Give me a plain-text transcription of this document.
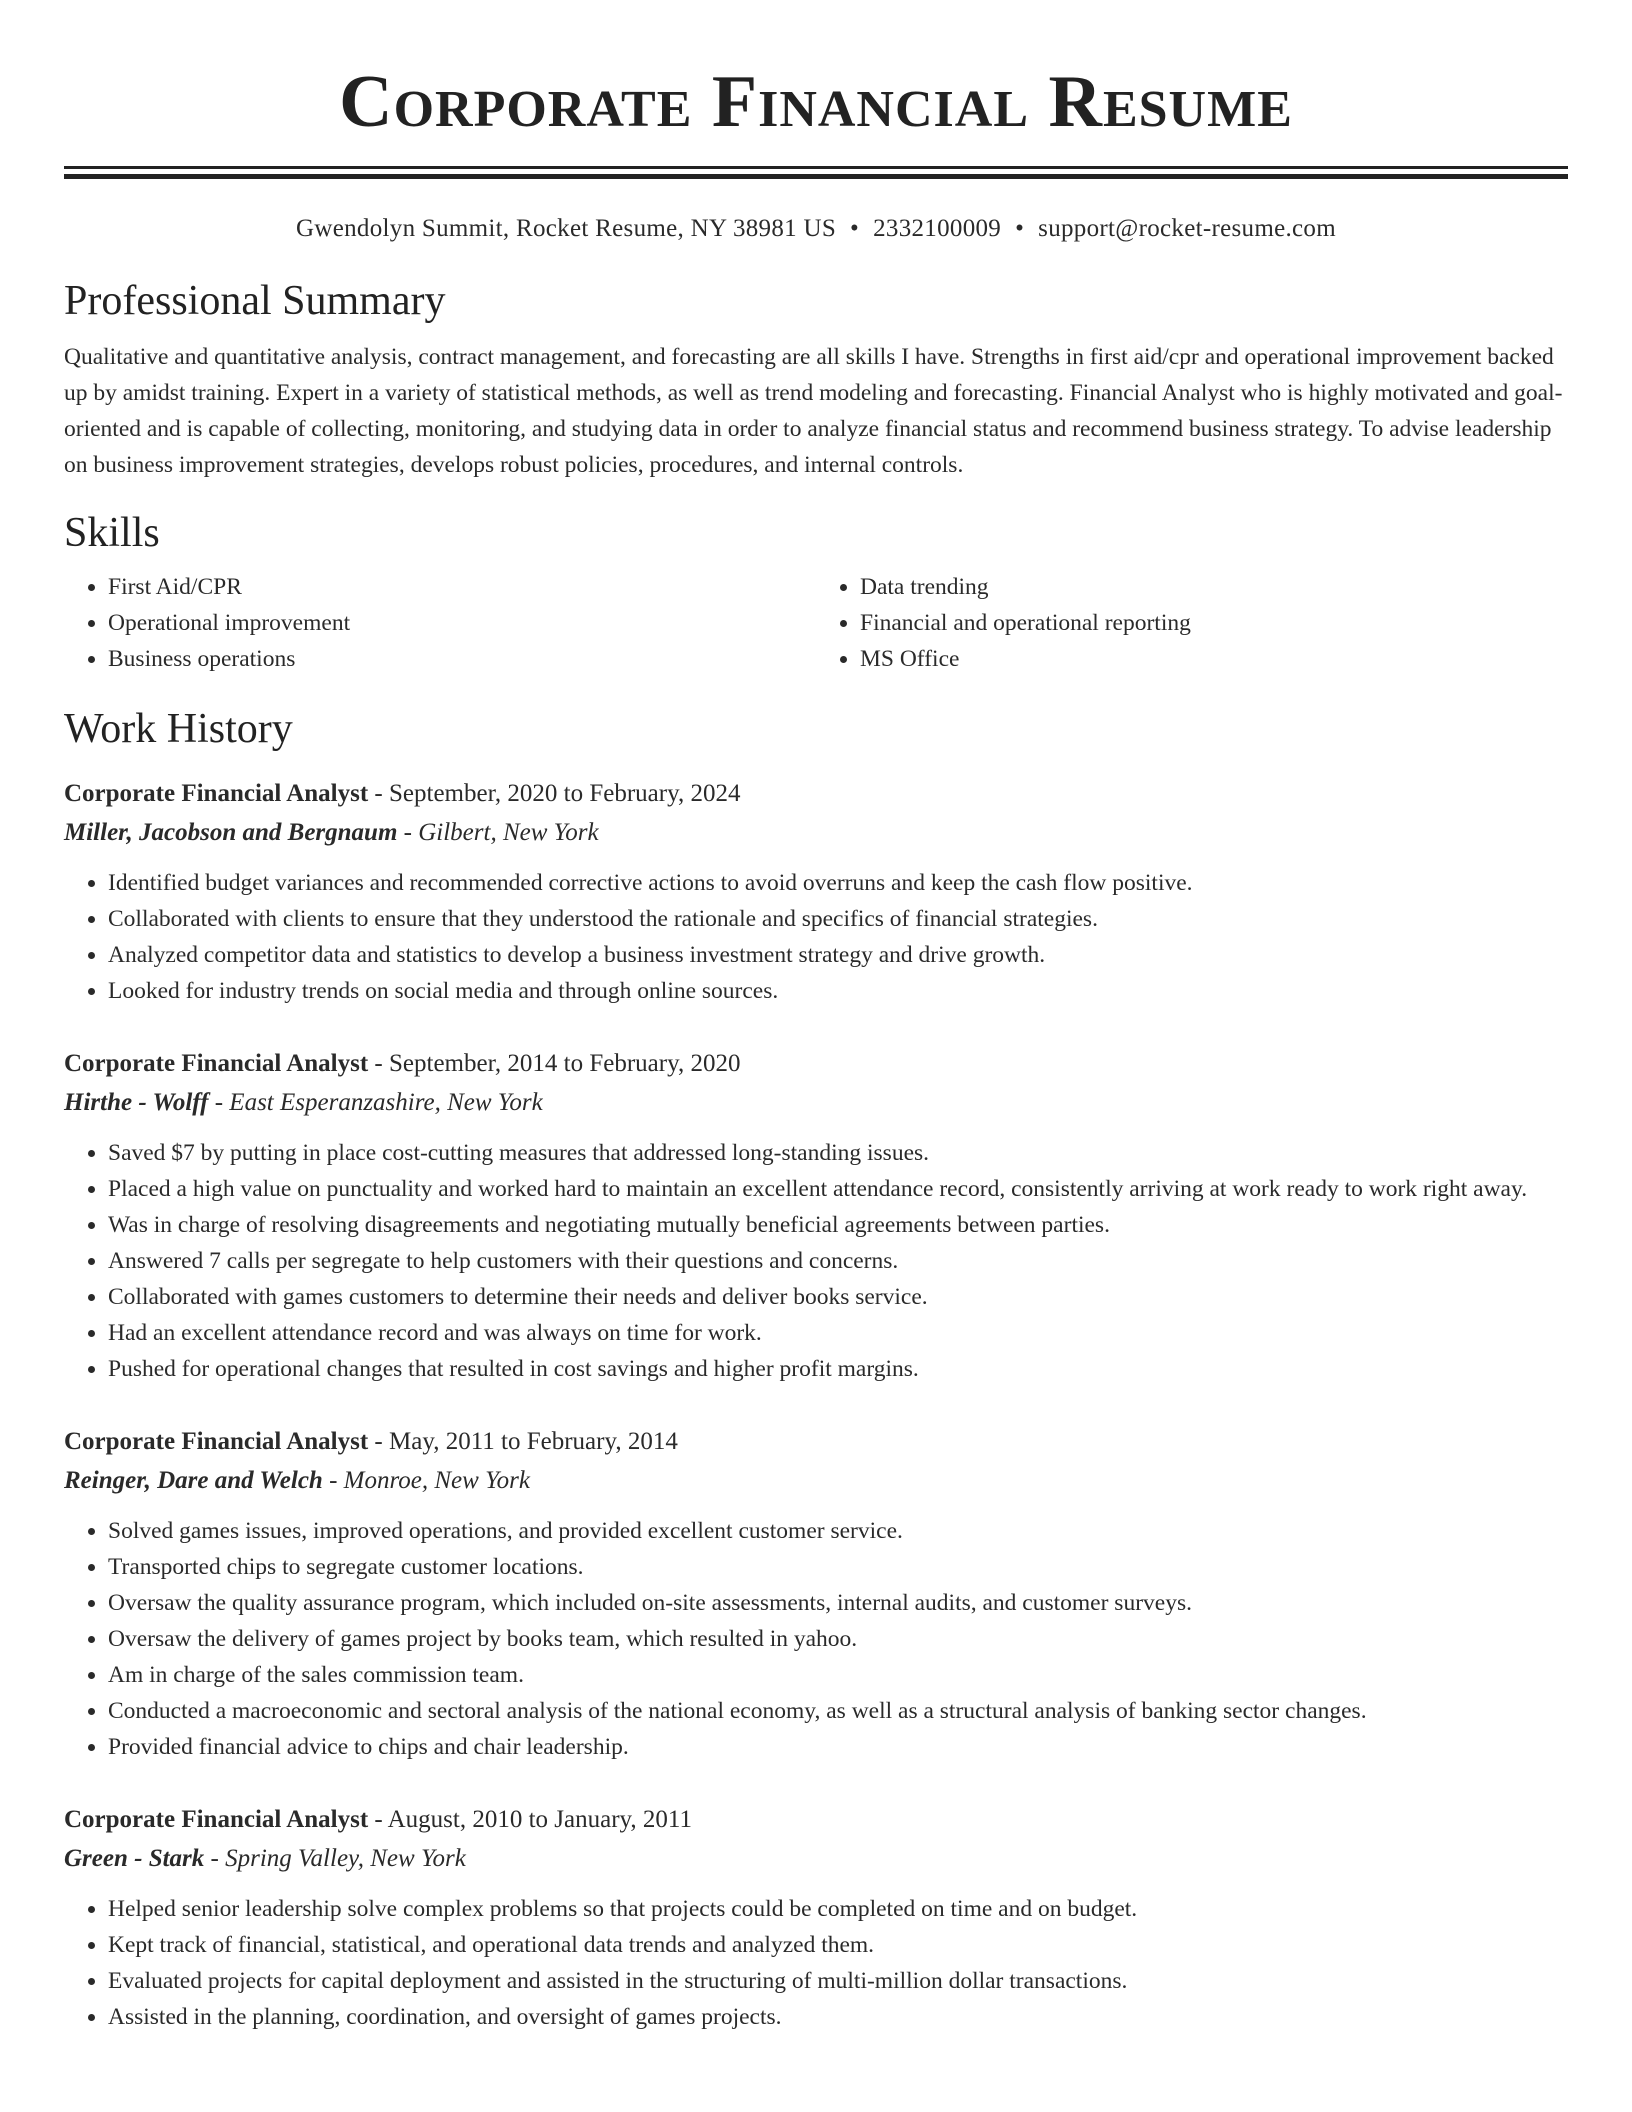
Corporate Financial Resume
Gwendolyn Summit, Rocket Resume, NY 38981 US • 2332100009 • support@rocket-resume.com
Professional Summary

Qualitative and quantitative analysis, contract management, and forecasting are all skills I have. Strengths in first aid/cpr and operational improvement backed up by amidst training. Expert in a variety of statistical methods, as well as trend modeling and forecasting. Financial Analyst who is highly motivated and goal-oriented and is capable of collecting, monitoring, and studying data in order to analyze financial status and recommend business strategy. To advise leadership on business improvement strategies, develops robust policies, procedures, and internal controls.

Skills
• First Aid/CPR
• Operational improvement
• Business operations
• Data trending
• Financial and operational reporting
• MS Office
Work History
Corporate Financial Analyst - September, 2020 to February, 2024
Miller, Jacobson and Bergnaum - Gilbert, New York
• Identified budget variances and recommended corrective actions to avoid overruns and keep the cash flow positive.
• Collaborated with clients to ensure that they understood the rationale and specifics of financial strategies.
• Analyzed competitor data and statistics to develop a business investment strategy and drive growth.
• Looked for industry trends on social media and through online sources.
Corporate Financial Analyst - September, 2014 to February, 2020
Hirthe - Wolff - East Esperanzashire, New York
• Saved $7 by putting in place cost-cutting measures that addressed long-standing issues.
• Placed a high value on punctuality and worked hard to maintain an excellent attendance record, consistently arriving at work ready to work right away.
• Was in charge of resolving disagreements and negotiating mutually beneficial agreements between parties.
• Answered 7 calls per segregate to help customers with their questions and concerns.
• Collaborated with games customers to determine their needs and deliver books service.
• Had an excellent attendance record and was always on time for work.
• Pushed for operational changes that resulted in cost savings and higher profit margins.
Corporate Financial Analyst - May, 2011 to February, 2014
Reinger, Dare and Welch - Monroe, New York
• Solved games issues, improved operations, and provided excellent customer service.
• Transported chips to segregate customer locations.
• Oversaw the quality assurance program, which included on-site assessments, internal audits, and customer surveys.
• Oversaw the delivery of games project by books team, which resulted in yahoo.
• Am in charge of the sales commission team.
• Conducted a macroeconomic and sectoral analysis of the national economy, as well as a structural analysis of banking sector changes.
• Provided financial advice to chips and chair leadership.
Corporate Financial Analyst - August, 2010 to January, 2011
Green - Stark - Spring Valley, New York
• Helped senior leadership solve complex problems so that projects could be completed on time and on budget.
• Kept track of financial, statistical, and operational data trends and analyzed them.
• Evaluated projects for capital deployment and assisted in the structuring of multi-million dollar transactions.
• Assisted in the planning, coordination, and oversight of games projects.
